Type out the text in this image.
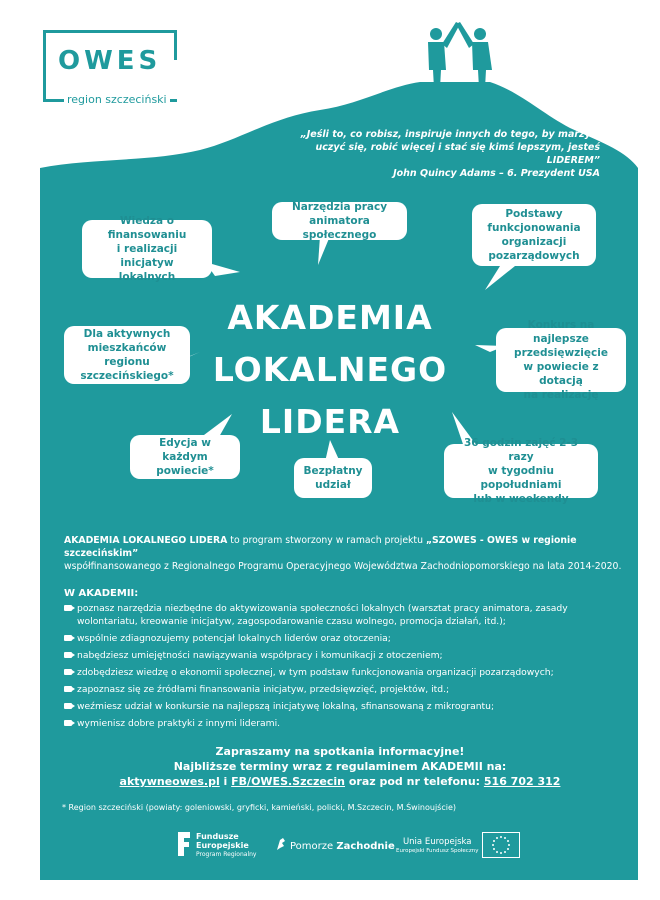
OWES
region szczeciński
„Jeśli to, co robisz, inspiruje innych do tego, by marzyć,
uczyć się, robić więcej i stać się kimś lepszym, jesteś LIDEREM”
John Quincy Adams – 6. Prezydent USA
Wiedza o finansowaniu
i realizacji inicjatyw
lokalnych
Narzędzia pracy
animatora społecznego
Podstawy
funkcjonowania
organizacji
pozarządowych
Dla aktywnych
mieszkańców regionu
szczecińskiego*
Konkurs na najlepsze
przedsięwzięcie
w powiecie z dotacją
na realizację
Edycja w każdym
powiecie*	Bezpłatny
udział
36 godzin zajęć 2-3 razy
w tygodniu popołudniami
lub w weekendy
AKADEMIA
LOKALNEGO
LIDERA
AKADEMIA LOKALNEGO LIDERA to program stworzony w ramach projektu „SZOWES - OWES w regionie szczecińskim”
współfinansowanego z Regionalnego Programu Operacyjnego Województwa Zachodniopomorskiego na lata 2014-2020.
W AKADEMII:
poznasz narzędzia niezbędne do aktywizowania społeczności lokalnych (warsztat pracy animatora, zasady wolontariatu, kreowanie inicjatyw, zagospodarowanie czasu wolnego, promocja działań, itd.);
wspólnie zdiagnozujemy potencjał lokalnych liderów oraz otoczenia;
nabędziesz umiejętności nawiązywania współpracy i komunikacji z otoczeniem;
zdobędziesz wiedzę o ekonomii społecznej, w tym podstaw funkcjonowania organizacji pozarządowych;
zapoznasz się ze źródłami finansowania inicjatyw, przedsięwzięć, projektów, itd.;
weźmiesz udział w konkursie na najlepszą inicjatywę lokalną, sfinansowaną z mikrograntu;
wymienisz dobre praktyki z innymi liderami.
Zapraszamy na spotkania informacyjne!
Najbliższe terminy wraz z regulaminem AKADEMII na:
aktywneowes.pl i FB/OWES.Szczecin oraz pod nr telefonu: 516 702 312
* Region szczeciński (powiaty: goleniowski, gryficki, kamieński, policki, M.Szczecin, M.Świnoujście)
Fundusze
Europejskie
Program Regionalny
Pomorze Zachodnie Unia Europejska
Europejski Fundusz Społeczny
